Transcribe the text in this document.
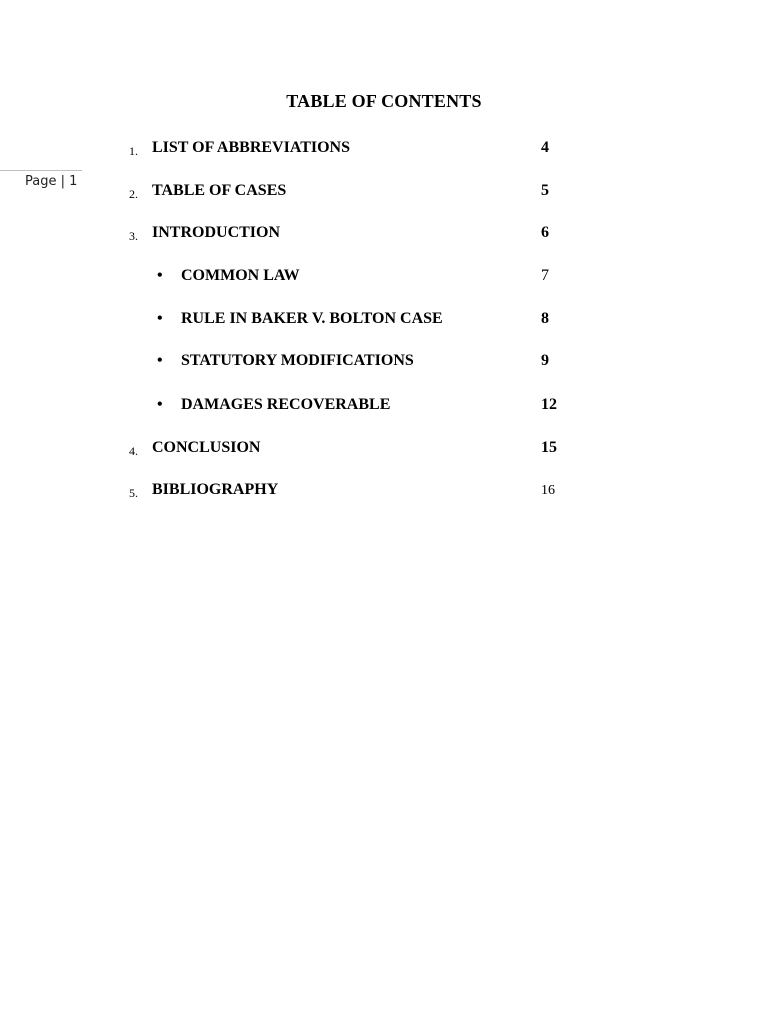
Page | 1
TABLE OF CONTENTS
1. LIST OF ABBREVIATIONS	4
2. TABLE OF CASES	5
3. INTRODUCTION	6
• COMMON LAW	7
• RULE IN BAKER V. BOLTON CASE	8
• STATUTORY MODIFICATIONS	9
• DAMAGES RECOVERABLE	12
4. CONCLUSION	15
5. BIBLIOGRAPHY	16
